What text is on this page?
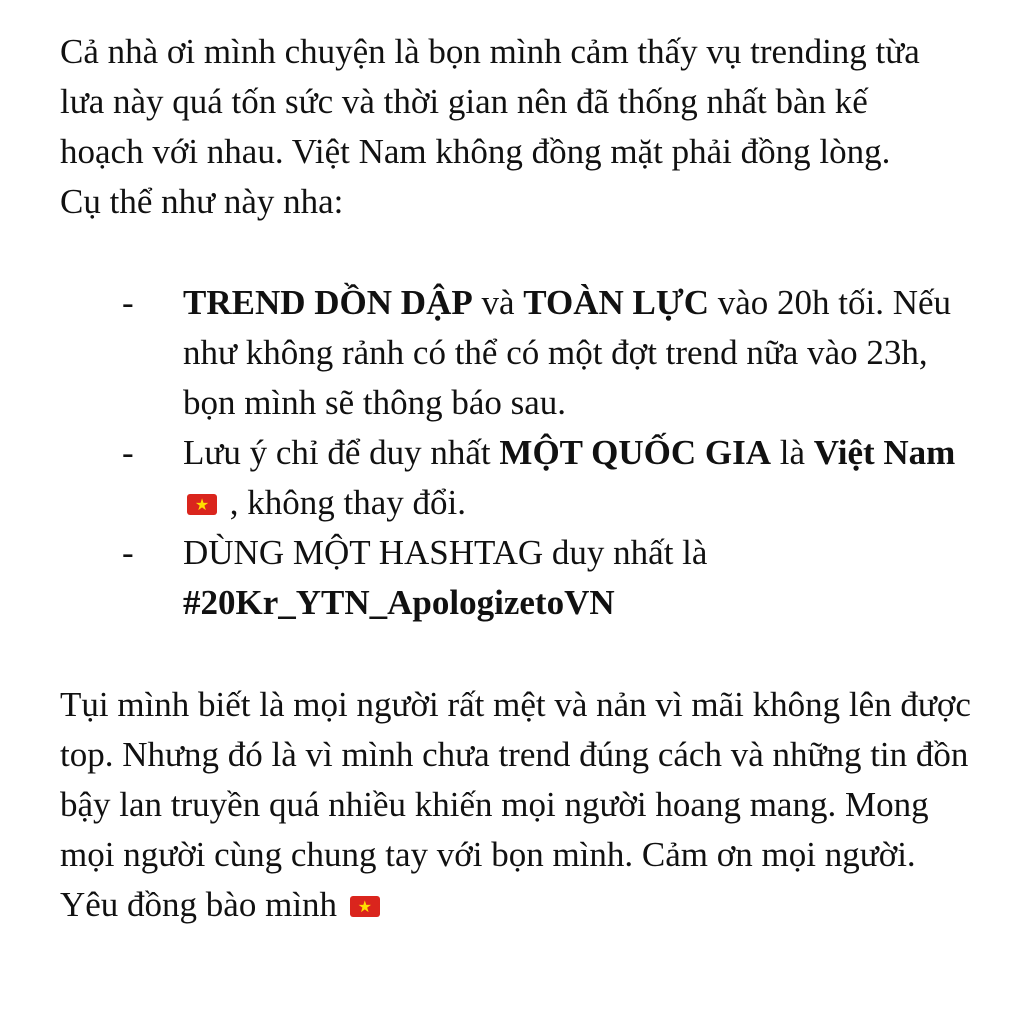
Cả nhà ơi mình chuyện là bọn mình cảm thấy vụ trending từa lưa này quá tốn sức và thời gian nên đã thống nhất bàn kế hoạch với nhau. Việt Nam không đồng mặt phải đồng lòng. Cụ thể như này nha:

- TREND DỒN DẬP và TOÀN LỰC vào 20h tối. Nếu như không rảnh có thể có một đợt trend nữa vào 23h, bọn mình sẽ thông báo sau.
- Lưu ý chỉ để duy nhất MỘT QUỐC GIA là Việt Nam★ , không thay đổi.
- DÙNG MỘT HASHTAG duy nhất là #20Kr_YTN_ApologizetoVN

Tụi mình biết là mọi người rất mệt và nản vì mãi không lên được top. Nhưng đó là vì mình chưa trend đúng cách và những tin đồn bậy lan truyền quá nhiều khiến mọi người hoang mang. Mong mọi người cùng chung tay với bọn mình. Cảm ơn mọi người. Yêu đồng bào mình ★
